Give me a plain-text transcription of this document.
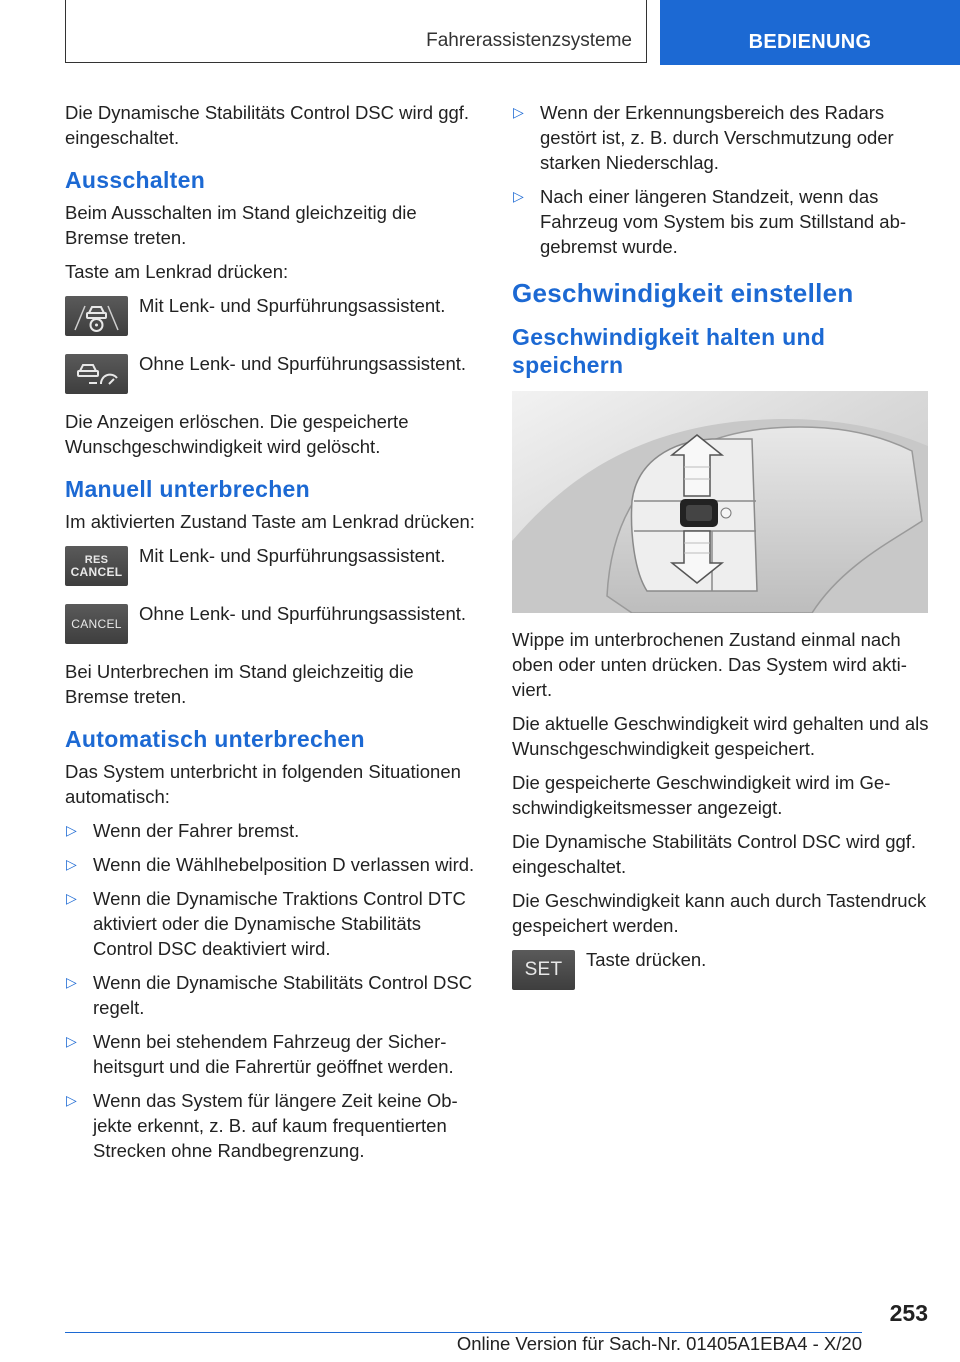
Fahrerassistenzsysteme	BEDIENUNG

Die Dynamische Stabilitäts Control DSC wird ggf. eingeschaltet.

Ausschalten

Beim Ausschalten im Stand gleichzeitig die Bremse treten.

Taste am Lenkrad drücken:

Mit Lenk- und Spurführungsassistent.
Ohne Lenk- und Spurführungsassistent.

Die Anzeigen erlöschen. Die gespeicherte Wunschgeschwindigkeit wird gelöscht.

Manuell unterbrechen

Im aktivierten Zustand Taste am Lenkrad drücken:

RES
CANCEL
Mit Lenk- und Spurführungsassistent.
CANCEL Ohne Lenk- und Spurführungsassistent.

Bei Unterbrechen im Stand gleichzeitig die Bremse treten.

Automatisch unterbrechen

Das System unterbricht in folgenden Situationen automatisch:

▷ Wenn der Fahrer bremst.
▷ Wenn die Wählhebelposition D verlassen wird.
▷ Wenn die Dynamische Traktions Control DTC aktiviert oder die Dynamische Stabilitäts Control DSC deaktiviert wird.
▷ Wenn die Dynamische Stabilitäts Control DSC regelt.
▷ Wenn bei stehendem Fahrzeug der Sicherheitsgurt und die Fahrertür geöffnet werden.
▷ Wenn das System für längere Zeit keine Objekte erkennt, z. B. auf kaum frequentierten Strecken ohne Randbegrenzung.
▷ Wenn der Erkennungsbereich des Radars gestört ist, z. B. durch Verschmutzung oder starken Niederschlag.
▷ Nach einer längeren Standzeit, wenn das Fahrzeug vom System bis zum Stillstand abgebremst wurde.
Geschwindigkeit einstellen
Geschwindigkeit halten und speichern

Wippe im unterbrochenen Zustand einmal nach oben oder unten drücken. Das System wird aktiviert.

Die aktuelle Geschwindigkeit wird gehalten und als Wunschgeschwindigkeit gespeichert.

Die gespeicherte Geschwindigkeit wird im Geschwindigkeitsmesser angezeigt.

Die Dynamische Stabilitäts Control DSC wird ggf. eingeschaltet.

Die Geschwindigkeit kann auch durch Tastendruck gespeichert werden.

SET Taste drücken.
253
Online Version für Sach-Nr. 01405A1EBA4 - X/20
